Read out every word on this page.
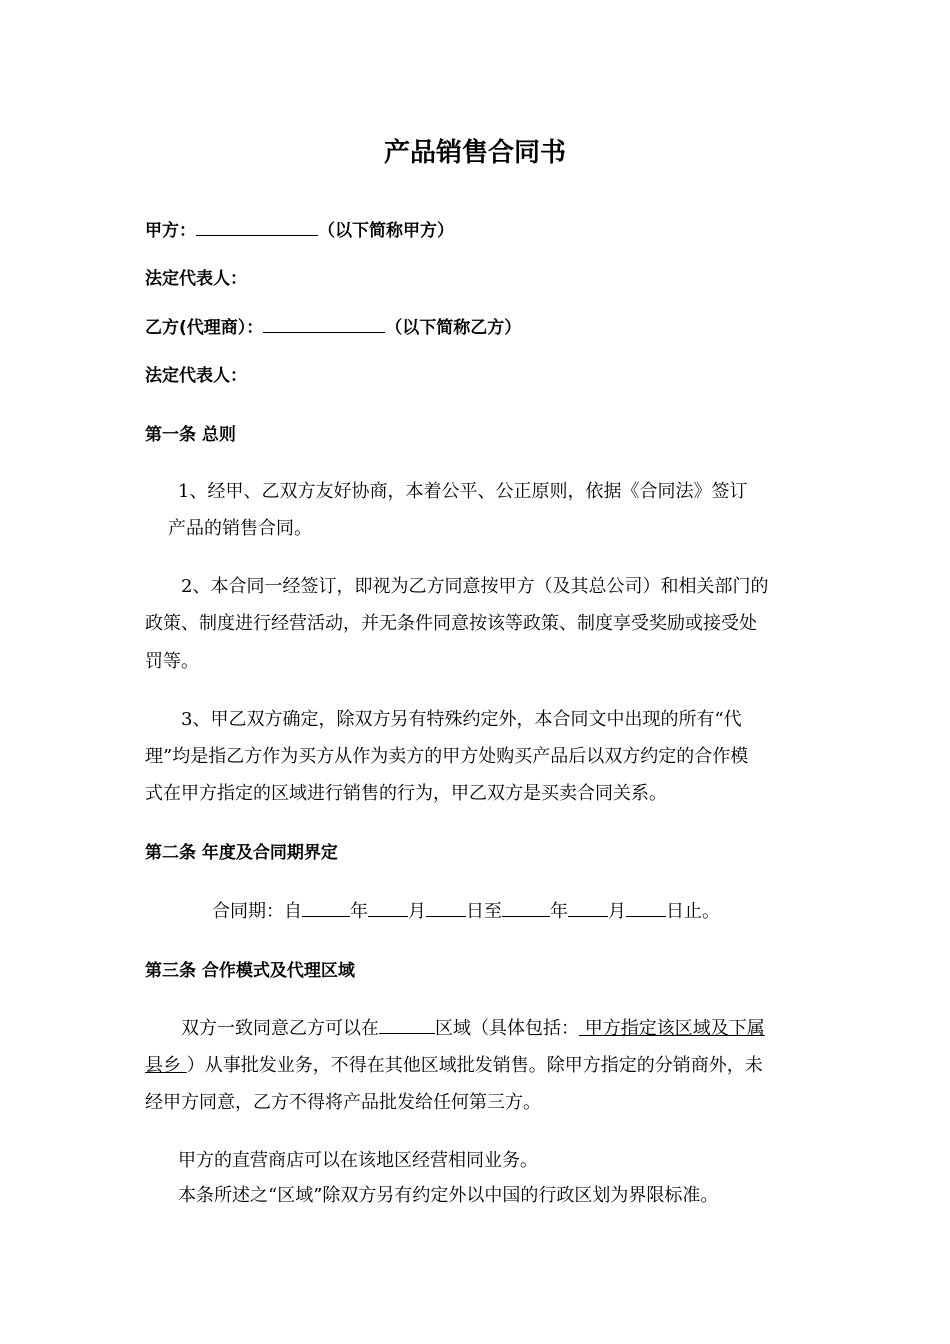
产品销售合同书
甲方：	（以下简称甲方）
法定代表人：
乙方(代理商）：	（以下简称乙方）
法定代表人：
第一条 总则
1、经甲、乙双方友好协商，本着公平、公正原则，依据《合同法》签订
产品的销售合同。
2、本合同一经签订，即视为乙方同意按甲方（及其总公司）和相关部门的
政策、制度进行经营活动，并无条件同意按该等政策、制度享受奖励或接受处
罚等。
3、甲乙双方确定，除双方另有特殊约定外，本合同文中出现的所有“代
理”均是指乙方作为买方从作为卖方的甲方处购买产品后以双方约定的合作模
式在甲方指定的区域进行销售的行为，甲乙双方是买卖合同关系。
第二条 年度及合同期界定
合同期：自	年 月 日至	年 月 日止。
第三条 合作模式及代理区域
双方一致同意乙方可以在	区域（具体包括： 甲方指定该区域及下属
县乡 ）从事批发业务，不得在其他区域批发销售。除甲方指定的分销商外，未
经甲方同意，乙方不得将产品批发给任何第三方。
甲方的直营商店可以在该地区经营相同业务。
本条所述之“区域”除双方另有约定外以中国的行政区划为界限标准。
